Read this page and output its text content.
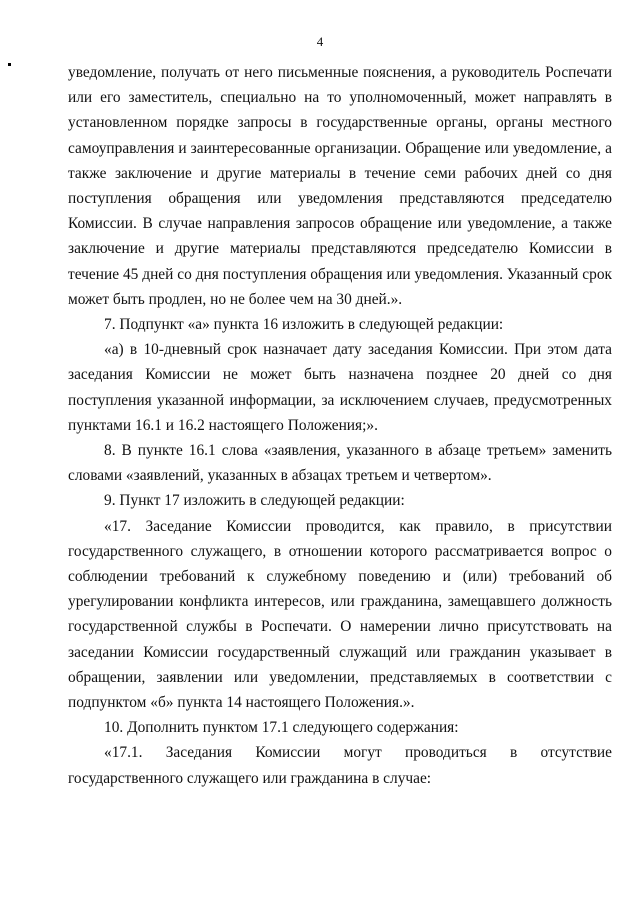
4

уведомление, получать от него письменные пояснения, а руководитель Роспечати или его заместитель, специально на то уполномоченный, может направлять в установленном порядке запросы в государственные органы, органы местного самоуправления и заинтересованные организации. Обращение или уведомление, а также заключение и другие материалы в течение семи рабочих дней со дня поступления обращения или уведомления представляются председателю Комиссии. В случае направления запросов обращение или уведомление, а также заключение и другие материалы представляются председателю Комиссии в течение 45 дней со дня поступления обращения или уведомления. Указанный срок может быть продлен, но не более чем на 30 дней.».

7. Подпункт «а» пункта 16 изложить в следующей редакции:

«а) в 10-дневный срок назначает дату заседания Комиссии. При этом дата заседания Комиссии не может быть назначена позднее 20 дней со дня поступления указанной информации, за исключением случаев, предусмотренных пунктами 16.1 и 16.2 настоящего Положения;».

8. В пункте 16.1 слова «заявления, указанного в абзаце третьем» заменить словами «заявлений, указанных в абзацах третьем и четвертом».

9. Пункт 17 изложить в следующей редакции:

«17. Заседание Комиссии проводится, как правило, в присутствии государственного служащего, в отношении которого рассматривается вопрос о соблюдении требований к служебному поведению и (или) требований об урегулировании конфликта интересов, или гражданина, замещавшего должность государственной службы в Роспечати. О намерении лично присутствовать на заседании Комиссии государственный служащий или гражданин указывает в обращении, заявлении или уведомлении, представляемых в соответствии с подпунктом «б» пункта 14 настоящего Положения.».

10. Дополнить пунктом 17.1 следующего содержания:

«17.1. Заседания Комиссии могут проводиться в отсутствие государственного служащего или гражданина в случае:
